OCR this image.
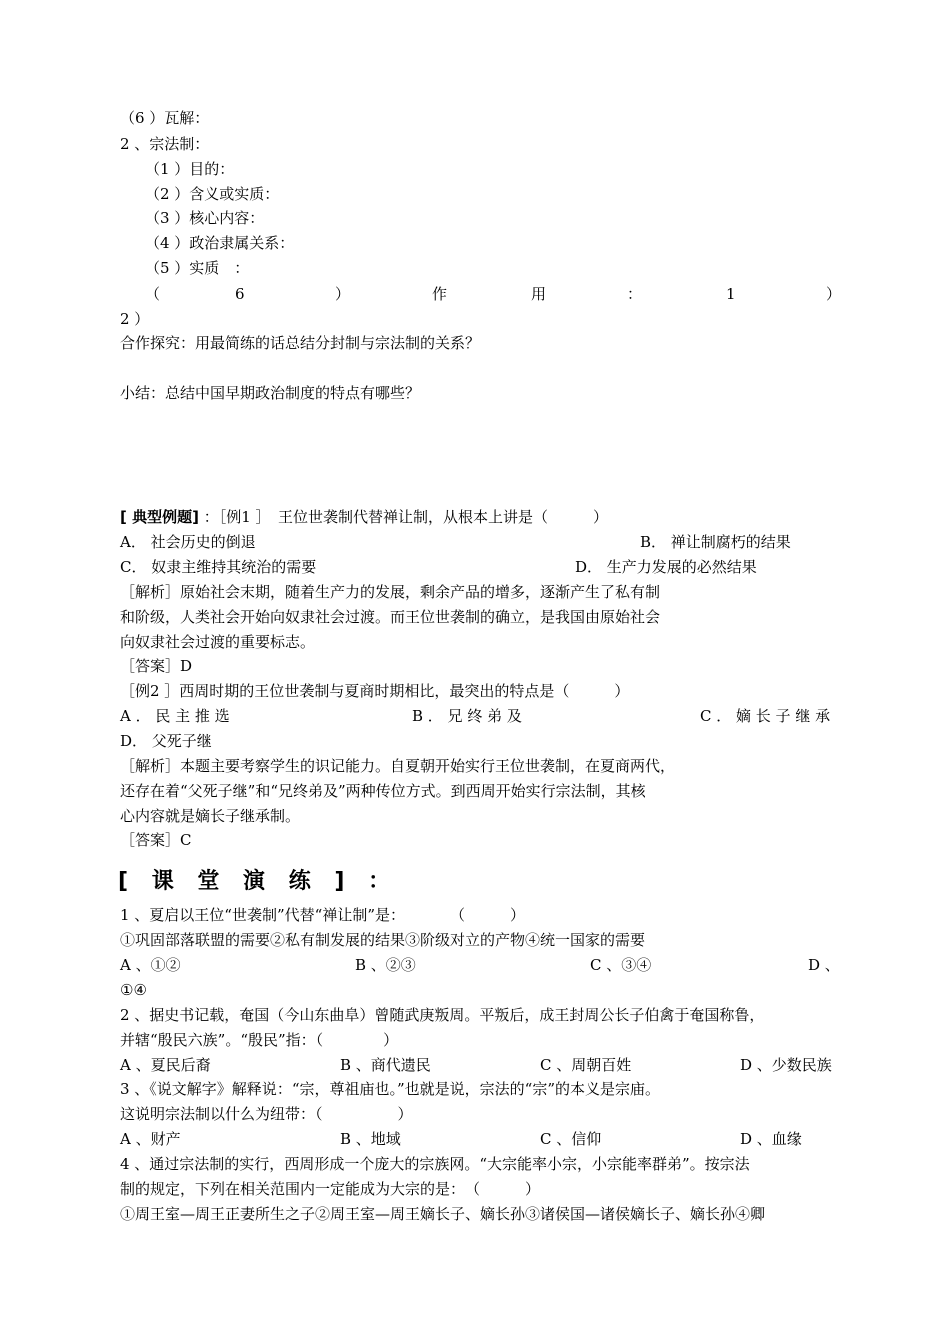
（6 ）瓦解：
2 、宗法制：
（1 ）目的：
（2 ）含义或实质：
（3 ）核心内容：
（4 ）政治隶属关系：
（5 ）实质　：
（	6	）	作	用	：	1	）
2 ）
合作探究：用最简练的话总结分封制与宗法制的关系？
小结：总结中国早期政治制度的特点有哪些？
[ 典型例题] ：［例1 ］　王位世袭制代替禅让制，从根本上讲是（　　　）
A． 社会历史的倒退	B． 禅让制腐朽的结果
C． 奴隶主维持其统治的需要	D． 生产力发展的必然结果
［解析］原始社会末期，随着生产力的发展，剩余产品的增多，逐渐产生了私有制
和阶级，人类社会开始向奴隶社会过渡。而王位世袭制的确立，是我国由原始社会
向奴隶社会过渡的重要标志。
［答案］D
［例2 ］西周时期的王位世袭制与夏商时期相比，最突出的特点是（　　　）
A ． 民 主 推 选	B ． 兄 终 弟 及	C ． 嫡 长 子 继 承
D． 父死子继
［解析］本题主要考察学生的识记能力。自夏朝开始实行王位世袭制，在夏商两代，
还存在着“父死子继”和“兄终弟及”两种传位方式。到西周开始实行宗法制，其核
心内容就是嫡长子继承制。
［答案］C
[ 课 堂 演 练 ] ：
1 、夏启以王位“世袭制”代替“禅让制”是：　　　　（　　　）
①巩固部落联盟的需要②私有制发展的结果③阶级对立的产物④统一国家的需要
A 、①②	B 、②③	C 、③④	D 、
①④
2 、据史书记载，奄国（今山东曲阜）曾随武庚叛周。平叛后，成王封周公长子伯禽于奄国称鲁，
并辖“殷民六族”。“殷民”指：（　　　　）
A 、夏民后裔	B 、商代遗民	C 、周朝百姓	D 、少数民族
3 、《说文解字》解释说：“宗，尊祖庙也。”也就是说，宗法的“宗”的本义是宗庙。
这说明宗法制以什么为纽带：（　　　　　）
A 、财产	B 、地域	C 、信仰	D 、血缘
4 、通过宗法制的实行，西周形成一个庞大的宗族网。“大宗能率小宗，小宗能率群弟”。按宗法
制的规定，下列在相关范围内一定能成为大宗的是：　（　　　）
①周王室—周王正妻所生之子②周王室—周王嫡长子、嫡长孙③诸侯国—诸侯嫡长子、嫡长孙④卿
